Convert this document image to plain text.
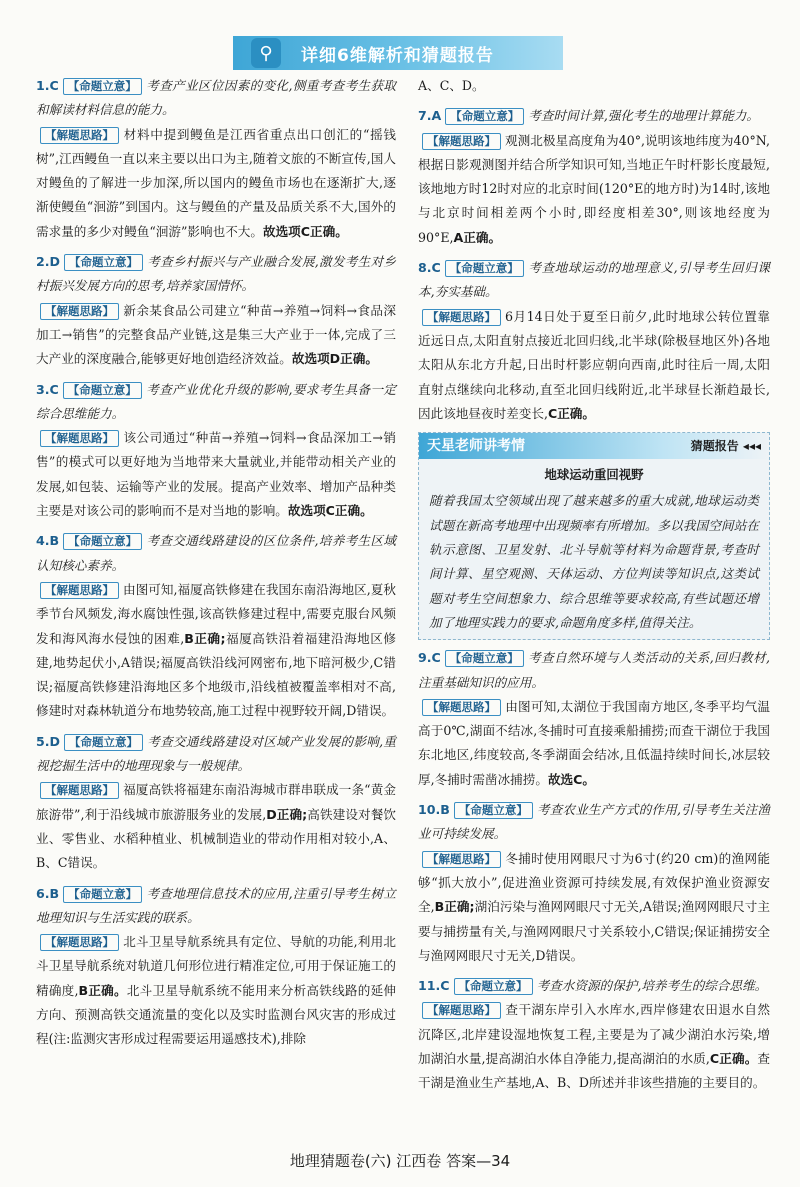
⚲	详细6维解析和猜题报告
1.C 【命题立意】 考查产业区位因素的变化,侧重考查考生获取和解读材料信息的能力。
【解题思路】 材料中提到鳗鱼是江西省重点出口创汇的“摇钱树”,江西鳗鱼一直以来主要以出口为主,随着文旅的不断宣传,国人对鳗鱼的了解进一步加深,所以国内的鳗鱼市场也在逐渐扩大,逐渐使鳗鱼“洄游”到国内。这与鳗鱼的产量及品质关系不大,国外的需求量的多少对鳗鱼“洄游”影响也不大。故选项C正确。
2.D 【命题立意】 考查乡村振兴与产业融合发展,激发考生对乡村振兴发展方向的思考,培养家国情怀。
【解题思路】 新余某食品公司建立“种苗→养殖→饲料→食品深加工→销售”的完整食品产业链,这是集三大产业于一体,完成了三大产业的深度融合,能够更好地创造经济效益。故选项D正确。
3.C 【命题立意】 考查产业优化升级的影响,要求考生具备一定综合思维能力。
【解题思路】 该公司通过“种苗→养殖→饲料→食品深加工→销售”的模式可以更好地为当地带来大量就业,并能带动相关产业的发展,如包装、运输等产业的发展。提高产业效率、增加产品种类主要是对该公司的影响而不是对当地的影响。故选项C正确。
4.B 【命题立意】 考查交通线路建设的区位条件,培养考生区域认知核心素养。
【解题思路】 由图可知,福厦高铁修建在我国东南沿海地区,夏秋季节台风频发,海水腐蚀性强,该高铁修建过程中,需要克服台风频发和海风海水侵蚀的困难,B正确;福厦高铁沿着福建沿海地区修建,地势起伏小,A错误;福厦高铁沿线河网密布,地下暗河极少,C错误;福厦高铁修建沿海地区多个地级市,沿线植被覆盖率相对不高,修建时对森林轨道分布地势较高,施工过程中视野较开阔,D错误。
5.D 【命题立意】 考查交通线路建设对区域产业发展的影响,重视挖掘生活中的地理现象与一般规律。
【解题思路】 福厦高铁将福建东南沿海城市群串联成一条“黄金旅游带”,利于沿线城市旅游服务业的发展,D正确;高铁建设对餐饮业、零售业、水稻种植业、机械制造业的带动作用相对较小,A、B、C错误。
6.B 【命题立意】 考查地理信息技术的应用,注重引导考生树立地理知识与生活实践的联系。
【解题思路】 北斗卫星导航系统具有定位、导航的功能,利用北斗卫星导航系统对轨道几何形位进行精准定位,可用于保证施工的精确度,B正确。北斗卫星导航系统不能用来分析高铁线路的延伸方向、预测高铁交通流量的变化以及实时监测台风灾害的形成过程(注:监测灾害形成过程需要运用遥感技术),排除
A、C、D。
7.A 【命题立意】 考查时间计算,强化考生的地理计算能力。
【解题思路】 观测北极星高度角为40°,说明该地纬度为40°N,根据日影观测图并结合所学知识可知,当地正午时杆影长度最短,该地地方时12时对应的北京时间(120°E的地方时)为14时,该地与北京时间相差两个小时,即经度相差30°,则该地经度为90°E,A正确。
8.C 【命题立意】 考查地球运动的地理意义,引导考生回归课本,夯实基础。
【解题思路】 6月14日处于夏至日前夕,此时地球公转位置靠近远日点,太阳直射点接近北回归线,北半球(除极昼地区外)各地太阳从东北方升起,日出时杆影应朝向西南,此时往后一周,太阳直射点继续向北移动,直至北回归线附近,北半球昼长渐趋最长,因此该地昼夜时差变长,C正确。
天星老师讲考情	猜题报告 ◂◂◂
地球运动重回视野
随着我国太空领域出现了越来越多的重大成就,地球运动类试题在新高考地理中出现频率有所增加。多以我国空间站在轨示意图、卫星发射、北斗导航等材料为命题背景,考查时间计算、星空观测、天体运动、方位判读等知识点,这类试题对考生空间想象力、综合思维等要求较高,有些试题还增加了地理实践力的要求,命题角度多样,值得关注。
9.C 【命题立意】 考查自然环境与人类活动的关系,回归教材,注重基础知识的应用。
【解题思路】 由图可知,太湖位于我国南方地区,冬季平均气温高于0℃,湖面不结冰,冬捕时可直接乘船捕捞;而查干湖位于我国东北地区,纬度较高,冬季湖面会结冰,且低温持续时间长,冰层较厚,冬捕时需凿冰捕捞。故选C。
10.B 【命题立意】 考查农业生产方式的作用,引导考生关注渔业可持续发展。
【解题思路】 冬捕时使用网眼尺寸为6寸(约20 cm)的渔网能够“抓大放小”,促进渔业资源可持续发展,有效保护渔业资源安全,B正确;湖泊污染与渔网网眼尺寸无关,A错误;渔网网眼尺寸主要与捕捞量有关,与渔网网眼尺寸关系较小,C错误;保证捕捞安全与渔网网眼尺寸无关,D错误。
11.C 【命题立意】 考查水资源的保护,培养考生的综合思维。
【解题思路】 查干湖东岸引入水库水,西岸修建农田退水自然沉降区,北岸建设湿地恢复工程,主要是为了减少湖泊水污染,增加湖泊水量,提高湖泊水体自净能力,提高湖泊的水质,C正确。查干湖是渔业生产基地,A、B、D所述并非该些措施的主要目的。
地理猜题卷(六) 江西卷 答案—34
